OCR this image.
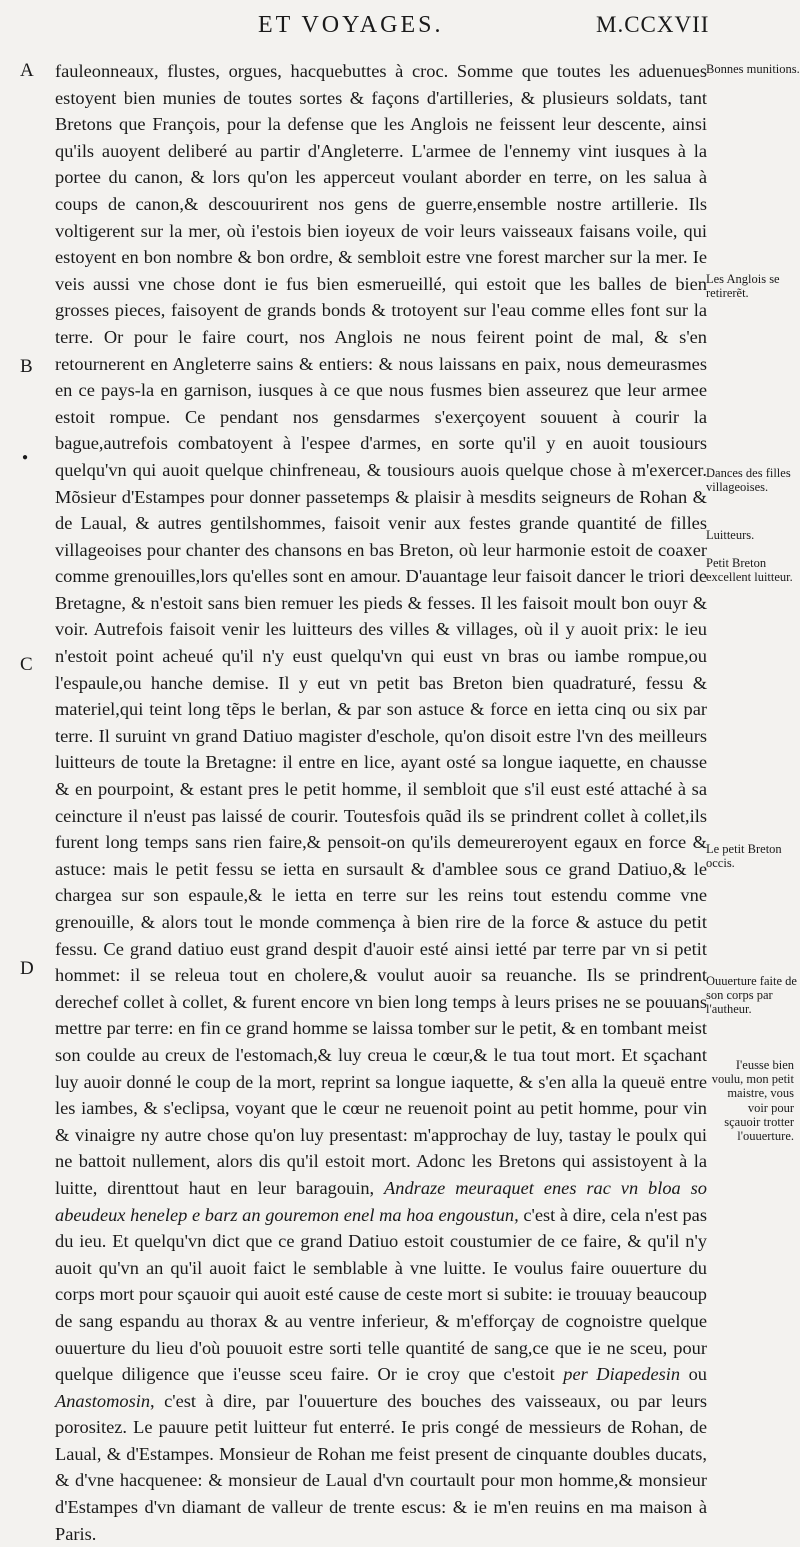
ET VOYAGES.	M.CCXVII
A
B
C
D
●

fauleonneaux, flustes, orgues, hacquebuttes à croc. Somme que toutes les aduenues estoyent bien munies de toutes sortes & façons d'artilleries, & plusieurs soldats, tant Bretons que François, pour la defense que les Anglois ne feissent leur descente, ainsi qu'ils auoyent deliberé au partir d'Angleterre. L'armee de l'ennemy vint iusques à la portee du canon, & lors qu'on les apperceut voulant aborder en terre, on les salua à coups de canon,& descouurirent nos gens de guerre,ensemble nostre artillerie. Ils voltigerent sur la mer, où i'estois bien ioyeux de voir leurs vaisseaux faisans voile, qui estoyent en bon nombre & bon ordre, & sembloit estre vne forest marcher sur la mer. Ie veis aussi vne chose dont ie fus bien esmerueillé, qui estoit que les balles de bien grosses pieces, faisoyent de grands bonds & trotoyent sur l'eau comme elles font sur la terre. Or pour le faire court, nos Anglois ne nous feirent point de mal, & s'en retournerent en Angleterre sains & entiers: & nous laissans en paix, nous demeurasmes en ce pays-la en garnison, iusques à ce que nous fusmes bien asseurez que leur armee estoit rompue. Ce pendant nos gensdarmes s'exerçoyent souuent à courir la bague,autrefois combatoyent à l'espee d'armes, en sorte qu'il y en auoit tousiours quelqu'vn qui auoit quelque chinfreneau, & tousiours auois quelque chose à m'exercer. Mõsieur d'Estampes pour donner passetemps & plaisir à mesdits seigneurs de Rohan & de Laual, & autres gentilshommes, faisoit venir aux festes grande quantité de filles villageoises pour chanter des chansons en bas Breton, où leur harmonie estoit de coaxer comme grenouilles,lors qu'elles sont en amour. D'auantage leur faisoit dancer le triori de Bretagne, & n'estoit sans bien remuer les pieds & fesses. Il les faisoit moult bon ouyr & voir. Autrefois faisoit venir les luitteurs des villes & villages, où il y auoit prix: le ieu n'estoit point acheué qu'il n'y eust quelqu'vn qui eust vn bras ou iambe rompue,ou l'espaule,ou hanche demise. Il y eut vn petit bas Breton bien quadraturé, fessu & materiel,qui teint long tẽps le berlan, & par son astuce & force en ietta cinq ou six par terre. Il suruint vn grand Datiuo magister d'eschole, qu'on disoit estre l'vn des meilleurs luitteurs de toute la Bretagne: il entre en lice, ayant osté sa longue iaquette, en chausse & en pourpoint, & estant pres le petit homme, il sembloit que s'il eust esté attaché à sa ceincture il n'eust pas laissé de courir. Toutesfois quãd ils se prindrent collet à collet,ils furent long temps sans rien faire,& pensoit-on qu'ils demeureroyent egaux en force & astuce: mais le petit fessu se ietta en sursault & d'amblee sous ce grand Datiuo,& le chargea sur son espaule,& le ietta en terre sur les reins tout estendu comme vne grenouille, & alors tout le monde commença à bien rire de la force & astuce du petit fessu. Ce grand datiuo eust grand despit d'auoir esté ainsi ietté par terre par vn si petit hommet: il se releua tout en cholere,& voulut auoir sa reuanche. Ils se prindrent derechef collet à collet, & furent encore vn bien long temps à leurs prises ne se pouuans mettre par terre: en fin ce grand homme se laissa tomber sur le petit, & en tombant meist son coulde au creux de l'estomach,& luy creua le cœur,& le tua tout mort. Et sçachant luy auoir donné le coup de la mort, reprint sa longue iaquette, & s'en alla la queuë entre les iambes, & s'eclipsa, voyant que le cœur ne reuenoit point au petit homme, pour vin & vinaigre ny autre chose qu'on luy presentast: m'approchay de luy, tastay le poulx qui ne battoit nullement, alors dis qu'il estoit mort. Adonc les Bretons qui assistoyent à la luitte, direnttout haut en leur baragouin, Andraze meuraquet enes rac vn bloa so abeudeux henelep e barz an gouremon enel ma hoa engoustun, c'est à dire, cela n'est pas du ieu. Et quelqu'vn dict que ce grand Datiuo estoit coustumier de ce faire, & qu'il n'y auoit qu'vn an qu'il auoit faict le semblable à vne luitte. Ie voulus faire ouuerture du corps mort pour sçauoir qui auoit esté cause de ceste mort si subite: ie trouuay beaucoup de sang espandu au thorax & au ventre inferieur, & m'efforçay de cognoistre quelque ouuerture du lieu d'où pouuoit estre sorti telle quantité de sang,ce que ie ne sceu, pour quelque diligence que i'eusse sceu faire. Or ie croy que c'estoit per Diapedesin ou Anastomosin, c'est à dire, par l'ouuerture des bouches des vaisseaux, ou par leurs porositez. Le pauure petit luitteur fut enterré. Ie pris congé de messieurs de Rohan, de Laual, & d'Estampes. Monsieur de Rohan me feist present de cinquante doubles ducats, & d'vne hacquenee: & monsieur de Laual d'vn courtault pour mon homme,& monsieur d'Estampes d'vn diamant de valleur de trente escus: & ie m'en reuins en ma maison à Paris.

Bonnes munitions.
Les Anglois se retirerẽt.
Dances des filles villageoises.
Luitteurs.
Petit Breton excellent luitteur.
Le petit Breton occis.
Ouuerture faite de son corps par l'autheur.
I'eusse bien voulu, mon petit maistre, vous voir pour sçauoir trotter l'ouuerture.
